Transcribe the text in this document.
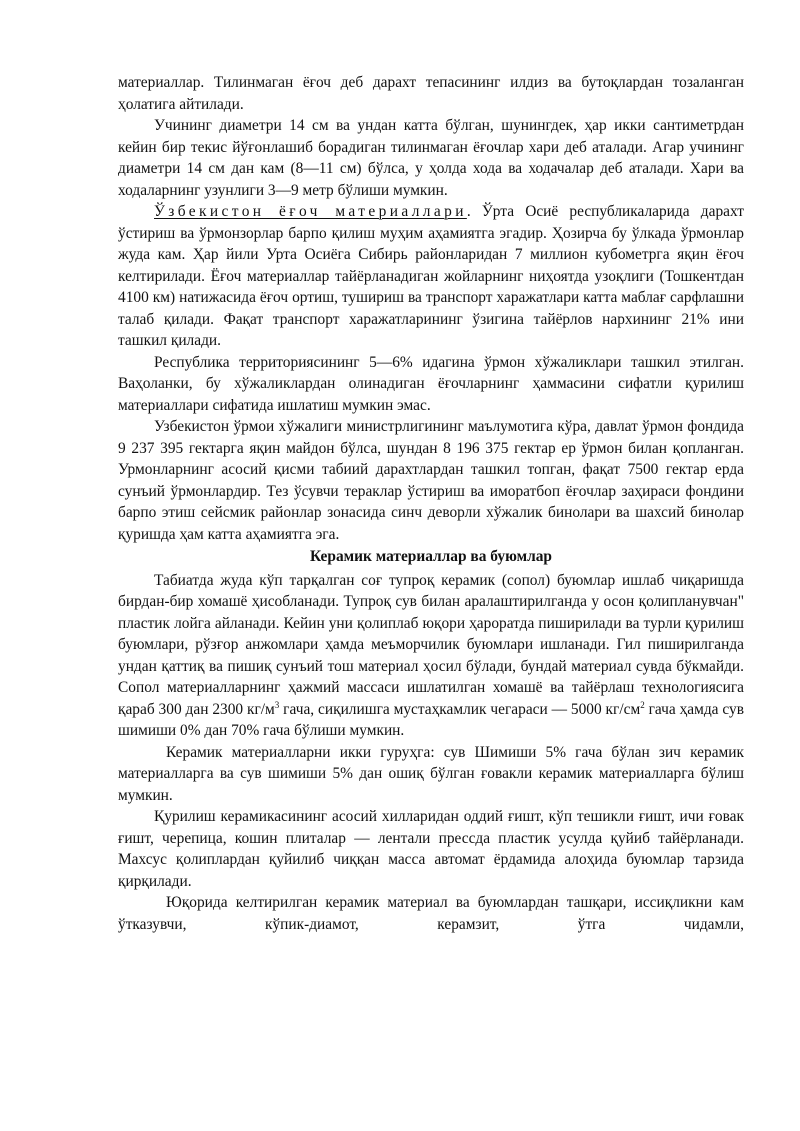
материаллар. Тилинмаган ёғоч деб дарахт тепасининг илдиз ва бутоқлардан тозаланган ҳолатига айтилади.

Учининг диаметри 14 см ва ундан катта бўлган, шунингдек, ҳар икки сантиметрдан кейин бир текис йўғонлашиб борадиган тилинмаган ёғочлар хари деб аталади. Агар учининг диаметри 14 см дан кам (8—11 см) бўлса, у ҳолда хода ва ходачалар деб аталади. Хари ва ходаларнинг узунлиги 3—9 метр бўлиши мумкин.

Ўзбекистон ёғоч материаллари. Ўрта Осиё республикаларида дарахт ўстириш ва ўрмонзорлар барпо қилиш муҳим аҳамиятга эгадир. Ҳозирча бу ўлкада ўрмонлар жуда кам. Ҳар йили Урта Осиёга Сибирь районларидан 7 миллион кубометрга яқин ёғоч келтирилади. Ёғоч материаллар тайёрланадиган жойларнинг ниҳоятда узоқлиги (Тошкентдан 4100 км) натижасида ёғоч ортиш, тушириш ва транспорт харажатлари катта маблағ сарфлашни талаб қилади. Фақат транспорт харажатларининг ўзигина тайёрлов нархининг 21% ини ташкил қилади.

Республика территориясининг 5—6% идагина ўрмон хўжаликлари ташкил этилган. Ваҳоланки, бу хўжаликлардан олинадиган ёғочларнинг ҳаммасини сифатли қурилиш материаллари сифатида ишлатиш мумкин эмас.

Узбекистон ўрмои хўжалиги министрлигининг маълумотига кўра, давлат ўрмон фондида 9 237 395 гектарга яқин майдон бўлса, шундан 8 196 375 гектар ер ўрмон билан қопланган. Урмонларнинг асосий қисми табиий дарахтлардан ташкил топган, фақат 7500 гектар ерда сунъий ўрмонлардир. Тез ўсувчи тераклар ўстириш ва иморатбоп ёғочлар заҳираси фондини барпо этиш сейсмик районлар зонасида синч деворли хўжалик бинолари ва шахсий бинолар қуришда ҳам катта аҳамиятга эга.

Керамик материаллар ва буюмлар

Табиатда жуда кўп тарқалган соғ тупроқ керамик (сопол) буюмлар ишлаб чиқаришда бирдан-бир хомашё ҳисобланади. Тупроқ сув билан аралаштирилганда у осон қолипланувчан" пластик лойга айланади. Кейин уни қолиплаб юқори ҳароратда пиширилади ва турли қурилиш буюмлари, рўзғор анжомлари ҳамда меъморчилик буюмлари ишланади. Гил пиширилганда ундан қаттиқ ва пишиқ сунъий тош материал ҳосил бўлади, бундай материал сувда бўкмайди. Сопол материалларнинг ҳажмий массаси ишлатилган хомашё ва тайёрлаш технологиясига қараб 300 дан 2300 $кг/м^3$ гача, сиқилишга мустаҳкамлик чегараси — 5000 $кг/см^2$ гача ҳамда сув шимиши 0% дан 70% гача бўлиши мумкин.

Керамик материалларни икки гуруҳга: сув Шимиши 5% гача бўлан зич керамик материалларга ва сув шимиши 5% дан ошиқ бўлган ғовакли керамик материалларга бўлиш мумкин.

Қурилиш керамикасининг асосий хилларидан оддий ғишт, кўп тешикли ғишт, ичи ғовак ғишт, черепица, кошин плиталар — лентали прессда пластик усулда қуйиб тайёрланади. Махсус қолиплардан қуйилиб чиққан масса автомат ёрдамида алоҳида буюмлар тарзида қирқилади.

Юқорида келтирилган керамик материал ва буюмлардан ташқари, иссиқликни кам ўтказувчи, кўпик-диамот, керамзит, ўтга чидамли,
